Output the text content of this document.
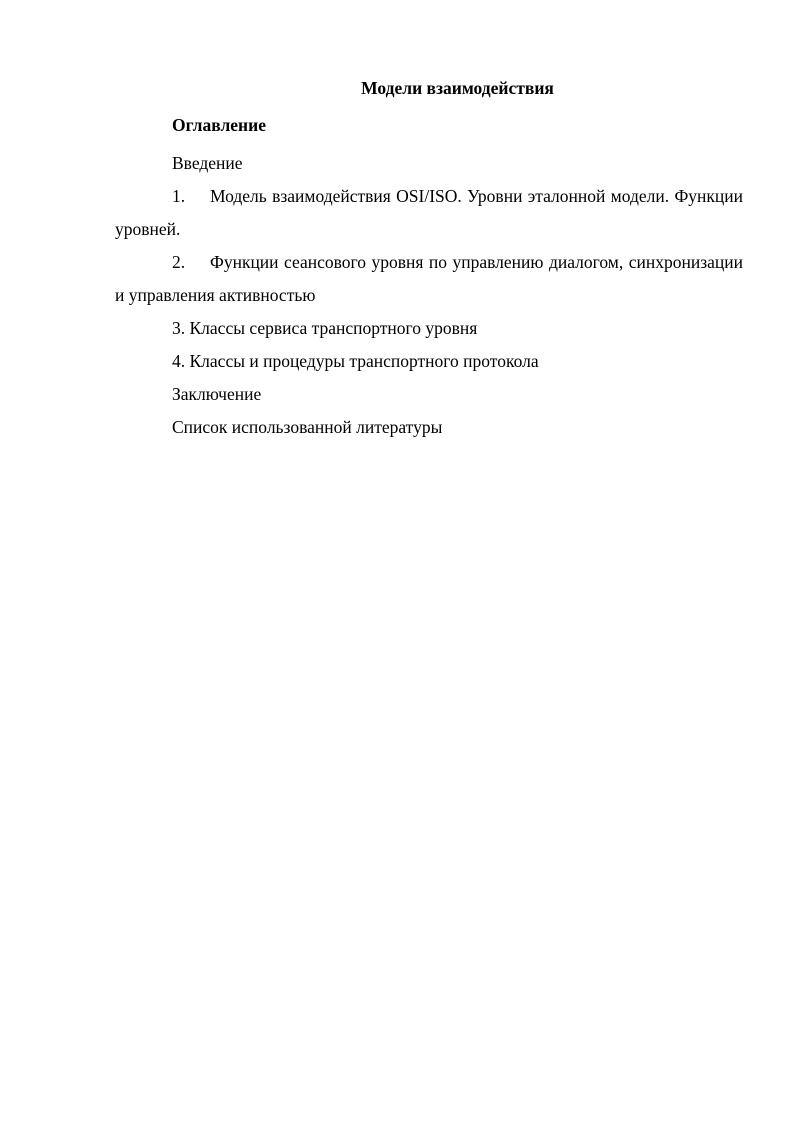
Модели взаимодействия

Оглавление

Введение

1. Модель взаимодействия OSI/ISO. Уровни эталонной модели. Функции уровней.

2. Функции сеансового уровня по управлению диалогом, синхронизации и управления активностью

3. Классы сервиса транспортного уровня

4. Классы и процедуры транспортного протокола

Заключение

Список использованной литературы
